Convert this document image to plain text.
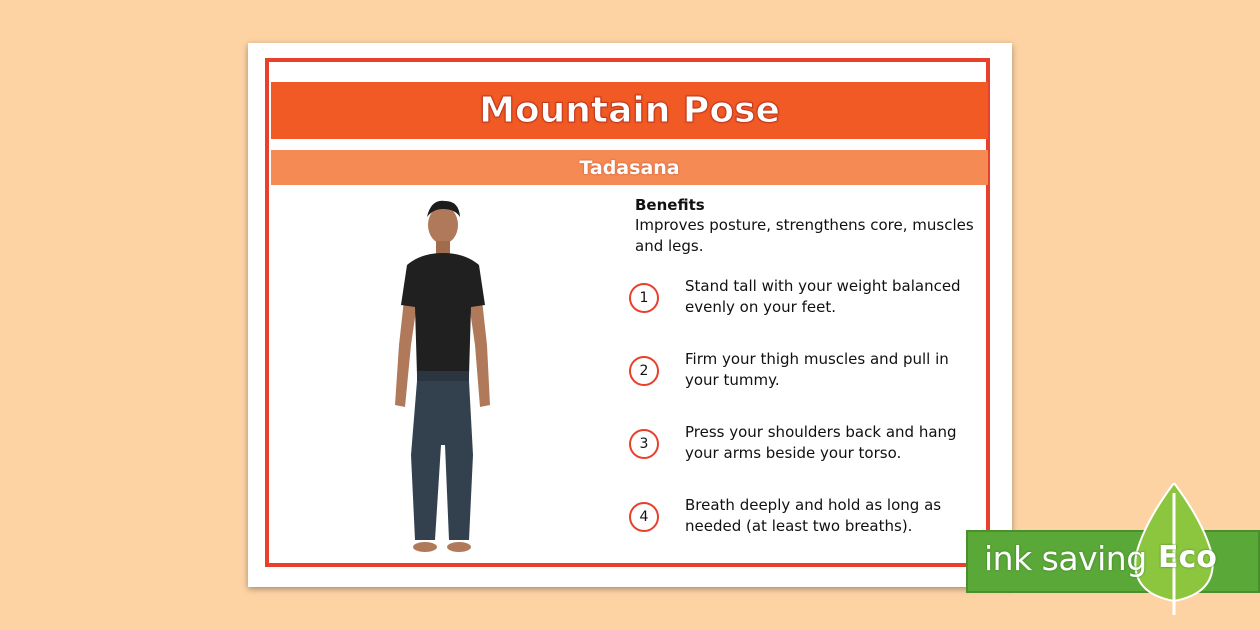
Mountain Pose
Tadasana
Benefits
Improves posture, strengthens core, muscles and legs.
1
Stand tall with your weight balanced evenly on your feet.
2
Firm your thigh muscles and pull in your tummy.
3
Press your shoulders back and hang your arms beside your torso.
4
Breath deeply and hold as long as needed (at least two breaths).
ink saving Eco
